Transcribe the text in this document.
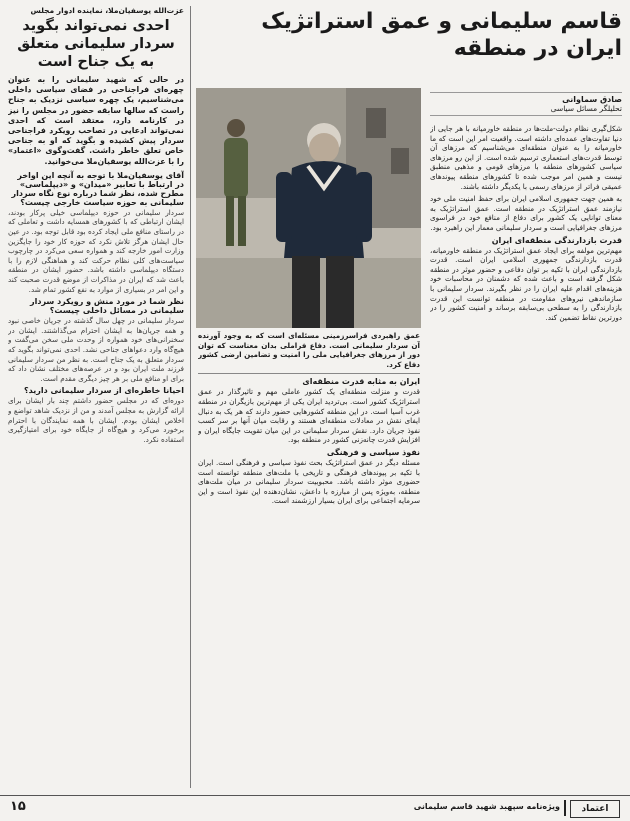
عزت‌الله یوسفیان‌ملا، نماینده ادوار مجلس
احدی نمی‌تواند بگوید سردار سلیمانی متعلق به یک جناح است

در حالی که شهید سلیمانی را به عنوان چهره‌ای فراجناحی در فضای سیاسی داخلی می‌شناسیم، یک چهره سیاسی نزدیک به جناح راست که سالها سابقه حضور در مجلس را نیز در کارنامه دارد، معتقد است که احدی نمی‌تواند ادعایی در تصاحب رویکرد فراجناحی سردار پیش کشیده و بگوید که او به جناحی خاص تعلق خاطر داشت. گفت‌وگوی «اعتماد» را با عزت‌الله یوسفیان‌ملا می‌خوانید.

آقای یوسفیان‌ملا با توجه به آنچه این اواخر در ارتباط با تعابیر «میدان» و «دیپلماسی» مطرح شده، نظر شما درباره نوع نگاه سردار سلیمانی به حوزه سیاست خارجی چیست؟

سردار سلیمانی در حوزه دیپلماسی خیلی پرکار بودند، ایشان ارتباطی که با کشورهای همسایه داشت و تعاملی که در راستای منافع ملی ایجاد کرده بود قابل توجه بود. در عین حال ایشان هرگز تلاش نکرد که حوزه کار خود را جایگزین وزارت امور خارجه کند و همواره سعی می‌کرد در چارچوب سیاست‌های کلی نظام حرکت کند و هماهنگی لازم را با دستگاه دیپلماسی داشته باشد. حضور ایشان در منطقه باعث شد که ایران در مذاکرات از موضع قدرت صحبت کند و این امر در بسیاری از موارد به نفع کشور تمام شد.

نظر شما در مورد منش و رویکرد سردار سلیمانی در مسائل داخلی چیست؟

سردار سلیمانی در چهل سال گذشته در جریان خاصی نبود و همه جریان‌ها به ایشان احترام می‌گذاشتند. ایشان در سخنرانی‌های خود همواره از وحدت ملی سخن می‌گفت و هیچ‌گاه وارد دعواهای جناحی نشد. احدی نمی‌تواند بگوید که سردار متعلق به یک جناح است. به نظر من سردار سلیمانی فرزند ملت ایران بود و در عرصه‌های مختلف نشان داد که برای او منافع ملی بر هر چیز دیگری مقدم است.

احیانا خاطره‌ای از سردار سلیمانی دارید؟

دوره‌ای که در مجلس حضور داشتم چند بار ایشان برای ارائه گزارش به مجلس آمدند و من از نزدیک شاهد تواضع و اخلاص ایشان بودم. ایشان با همه نمایندگان با احترام برخورد می‌کرد و هیچ‌گاه از جایگاه خود برای امتیازگیری استفاده نکرد.

قاسم سلیمانی و عمق استراتژیک ایران در منطقه
صادق سماوانی
تحلیلگر مسائل سیاسی

شکل‌گیری نظام دولت-ملت‌ها در منطقه خاورمیانه با هر جایی از دنیا تفاوت‌های عمده‌ای داشته است. واقعیت امر این است که ما خاورمیانه را به عنوان منطقه‌ای می‌شناسیم که مرزهای آن توسط قدرت‌های استعماری ترسیم شده است. از این رو مرزهای سیاسی کشورهای منطقه با مرزهای قومی و مذهبی منطبق نیست و همین امر موجب شده تا کشورهای منطقه پیوندهای عمیقی فراتر از مرزهای رسمی با یکدیگر داشته باشند.

به همین جهت جمهوری اسلامی ایران برای حفظ امنیت ملی خود نیازمند عمق استراتژیک در منطقه است. عمق استراتژیک به معنای توانایی یک کشور برای دفاع از منافع خود در فراسوی مرزهای جغرافیایی است و سردار سلیمانی معمار این راهبرد بود.

قدرت بازدارندگی منطقه‌ای ایران

مهم‌ترین مولفه برای ایجاد عمق استراتژیک در منطقه خاورمیانه، قدرت بازدارندگی جمهوری اسلامی ایران است. قدرت بازدارندگی ایران با تکیه بر توان دفاعی و حضور موثر در منطقه شکل گرفته است و باعث شده که دشمنان در محاسبات خود هزینه‌های اقدام علیه ایران را در نظر بگیرند. سردار سلیمانی با سازماندهی نیروهای مقاومت در منطقه توانست این قدرت بازدارندگی را به سطحی بی‌سابقه برساند و امنیت کشور را در دورترین نقاط تضمین کند.

عمق راهبردی فراسرزمینی مسئله‌ای است که به وجود آورنده آن سردار سلیمانی است. دفاع فراملی بدان معناست که توان دور از مرزهای جغرافیایی ملی را امنیت و تضامین ارضی کشور دفاع کرد.

ایران به مثابه قدرت منطقه‌ای

قدرت و منزلت منطقه‌ای یک کشور عاملی مهم و تاثیرگذار در عمق استراتژیک کشور است. بی‌تردید ایران یکی از مهم‌ترین بازیگران در منطقه غرب آسیا است. در این منطقه کشورهایی حضور دارند که هر یک به دنبال ایفای نقش در معادلات منطقه‌ای هستند و رقابت میان آنها بر سر کسب نفوذ جریان دارد. نقش سردار سلیمانی در این میان تقویت جایگاه ایران و افزایش قدرت چانه‌زنی کشور در منطقه بود.

نفوذ سیاسی و فرهنگی

مسئله دیگر در عمق استراتژیک بحث نفوذ سیاسی و فرهنگی است. ایران با تکیه بر پیوندهای فرهنگی و تاریخی با ملت‌های منطقه توانسته است حضوری موثر داشته باشد. محبوبیت سردار سلیمانی در میان ملت‌های منطقه، به‌ویژه پس از مبارزه با داعش، نشان‌دهنده این نفوذ است و این سرمایه اجتماعی برای ایران بسیار ارزشمند است.

۱۵	ویژه‌نامه سپهبد شهید قاسم سلیمانی	اعتماد
